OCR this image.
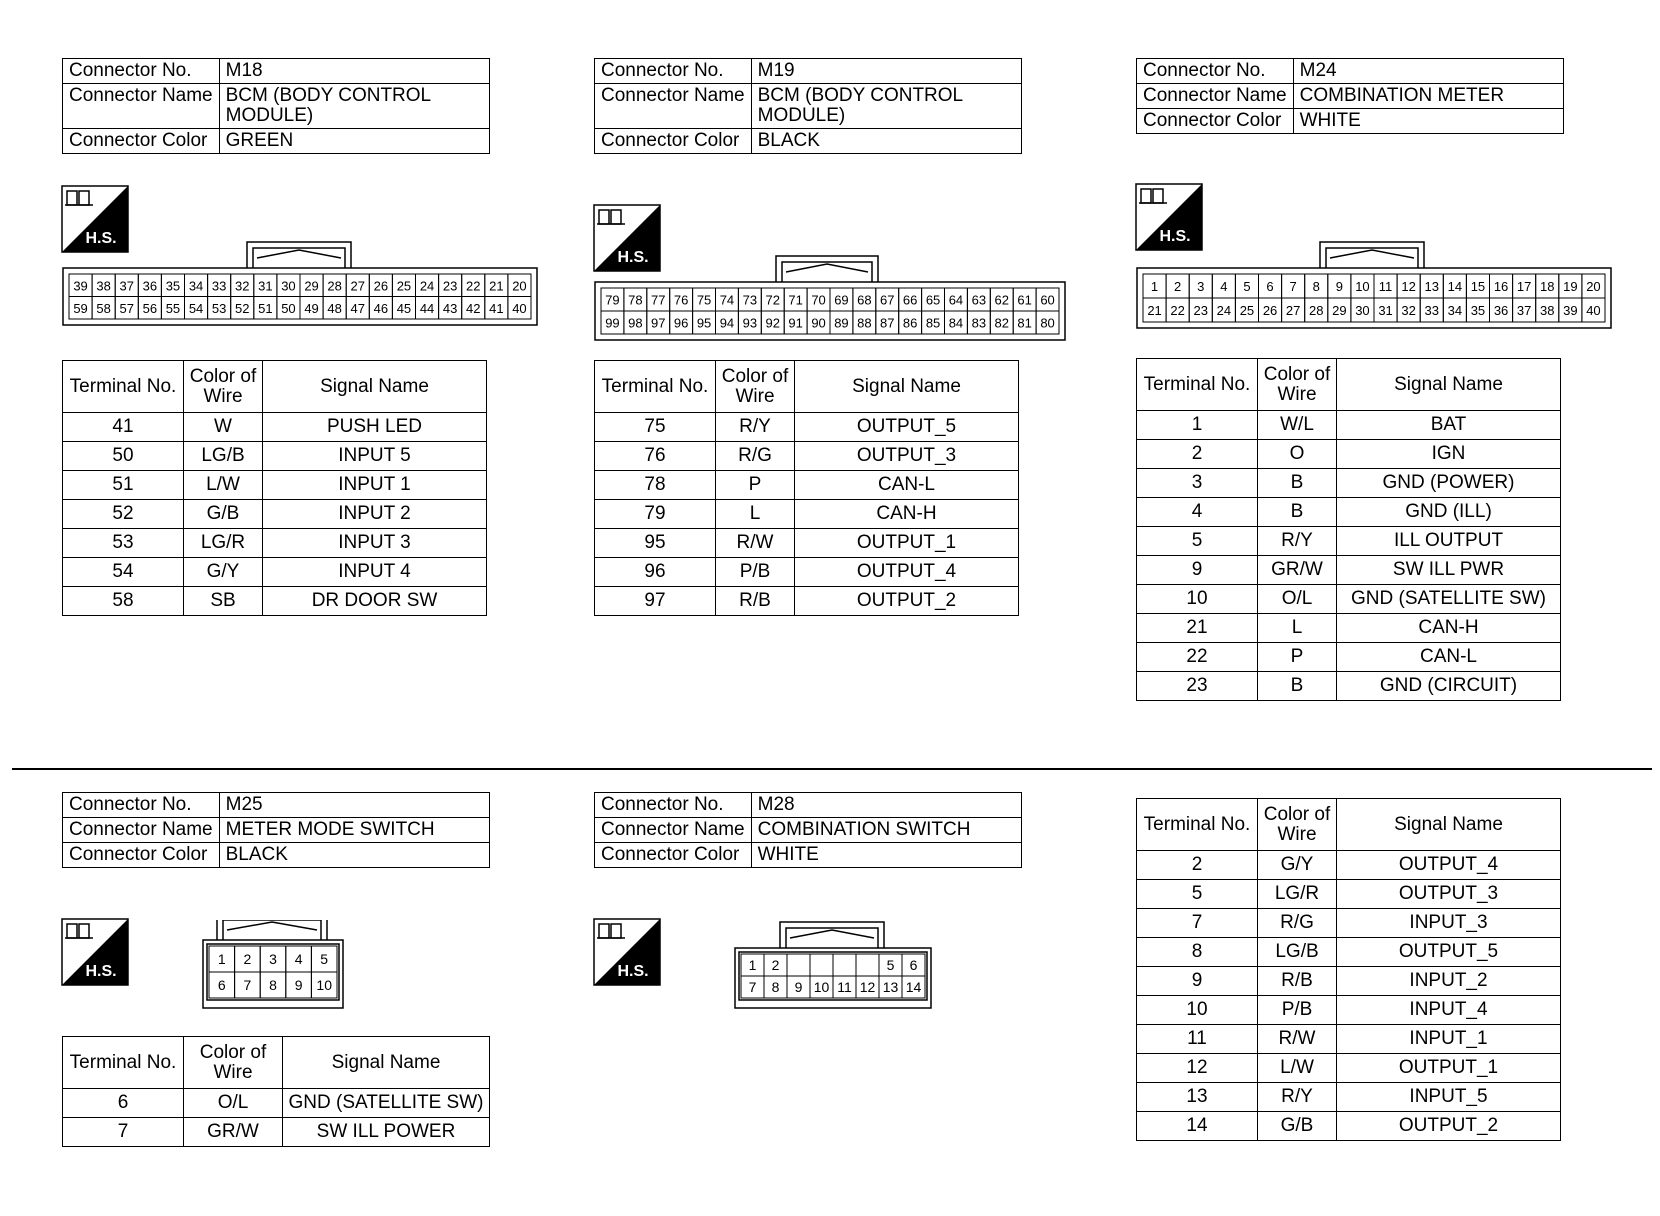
Connector No.	M18
Connector Name	BCM (BODY CONTROL MODULE)
Connector Color	GREEN
H.S.
39 38 37 36 35 34 33 32 31 30 29 28 27 26 25 24 23 22 21 20
59 58 57 56 55 54 53 52 51 50 49 48 47 46 45 44 43 42 41 40
Terminal No.	Color of Wire	Signal Name
41	W	PUSH LED
50	LG/B	INPUT 5
51	L/W	INPUT 1
52	G/B	INPUT 2
53	LG/R	INPUT 3
54	G/Y	INPUT 4
58	SB	DR DOOR SW
Connector No.	M19
Connector Name	BCM (BODY CONTROL MODULE)
Connector Color	BLACK
H.S.
79 78 77 76 75 74 73 72 71 70 69 68 67 66 65 64 63 62 61 60
99 98 97 96 95 94 93 92 91 90 89 88 87 86 85 84 83 82 81 80
Terminal No.	Color of Wire	Signal Name
75	R/Y	OUTPUT_5
76	R/G	OUTPUT_3
78	P	CAN-L
79	L	CAN-H
95	R/W	OUTPUT_1
96	P/B	OUTPUT_4
97	R/B	OUTPUT_2
Connector No.	M24
Connector Name	COMBINATION METER
Connector Color	WHITE
H.S.
1 2 3 4 5 6 7 8 9 10 11 12 13 14 15 16 17 18 19 20
21 22 23 24 25 26 27 28 29 30 31 32 33 34 35 36 37 38 39 40
Terminal No.	Color of Wire	Signal Name
1	W/L	BAT
2	O	IGN
3	B	GND (POWER)
4	B	GND (ILL)
5	R/Y	ILL OUTPUT
9	GR/W	SW ILL PWR
10	O/L	GND (SATELLITE SW)
21	L	CAN-H
22	P	CAN-L
23	B	GND (CIRCUIT)
Connector No.	M25
Connector Name	METER MODE SWITCH
Connector Color	BLACK
H.S.
1 2 3 4 5
6 7 8 9 10
Terminal No.	Color of Wire	Signal Name
6	O/L	GND (SATELLITE SW)
7	GR/W	SW ILL POWER
Connector No.	M28
Connector Name	COMBINATION SWITCH
Connector Color	WHITE
H.S.	1 2	5 6
7 8 9 10 11 12 13 14
Terminal No.	Color of Wire	Signal Name
2	G/Y	OUTPUT_4
5	LG/R	OUTPUT_3
7	R/G	INPUT_3
8	LG/B	OUTPUT_5
9	R/B	INPUT_2
10	P/B	INPUT_4
11	R/W	INPUT_1
12	L/W	OUTPUT_1
13	R/Y	INPUT_5
14	G/B	OUTPUT_2
